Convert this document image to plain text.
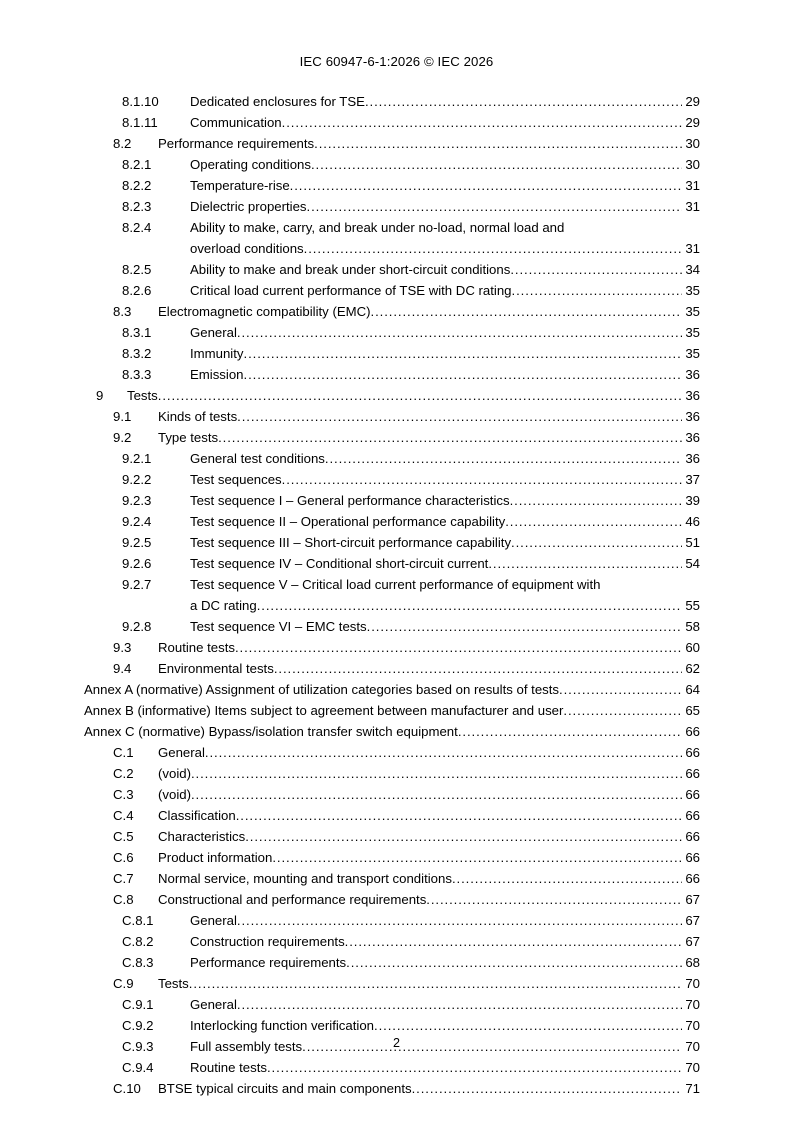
IEC 60947-6-1:2026 © IEC 2026
8.1.10	Dedicated enclosures for TSE .....	29
8.1.11	Communication .....	29
8.2	Performance requirements .....	30
8.2.1	Operating conditions .....	30
8.2.2	Temperature-rise .....	31
8.2.3	Dielectric properties .....	31
8.2.4	Ability to make, carry, and break under no-load, normal load and
overload conditions .....	31
8.2.5	Ability to make and break under short-circuit conditions .....	34
8.2.6	Critical load current performance of TSE with DC rating .....	35
8.3	Electromagnetic compatibility (EMC) .....	35
8.3.1	General .....	35
8.3.2	Immunity .....	35
8.3.3	Emission .....	36
9	Tests .....	36
9.1	Kinds of tests .....	36
9.2	Type tests .....	36
9.2.1	General test conditions .....	36
9.2.2	Test sequences .....	37
9.2.3	Test sequence I – General performance characteristics .....	39
9.2.4	Test sequence II – Operational performance capability .....	46
9.2.5	Test sequence III – Short-circuit performance capability .....	51
9.2.6	Test sequence IV – Conditional short-circuit current .....	54
9.2.7	Test sequence V – Critical load current performance of equipment with
a DC rating .....	55
9.2.8	Test sequence VI – EMC tests .....	58
9.3	Routine tests .....	60
9.4	Environmental tests .....	62
Annex A (normative) Assignment of utilization categories based on results of tests .....	64
Annex B (informative) Items subject to agreement between manufacturer and user .....	65
Annex C (normative) Bypass/isolation transfer switch equipment .....	66
C.1	General .....	66
C.2	(void) .....	66
C.3	(void) .....	66
C.4	Classification .....	66
C.5	Characteristics .....	66
C.6	Product information .....	66
C.7	Normal service, mounting and transport conditions .....	66
C.8	Constructional and performance requirements .....	67
C.8.1	General .....	67
C.8.2	Construction requirements .....	67
C.8.3	Performance requirements .....	68
C.9	Tests .....	70
C.9.1	General .....	70
C.9.2	Interlocking function verification .....	70
C.9.3	Full assembly tests .....	70
C.9.4	Routine tests .....	70
C.10	BTSE typical circuits and main components .....	71
2
